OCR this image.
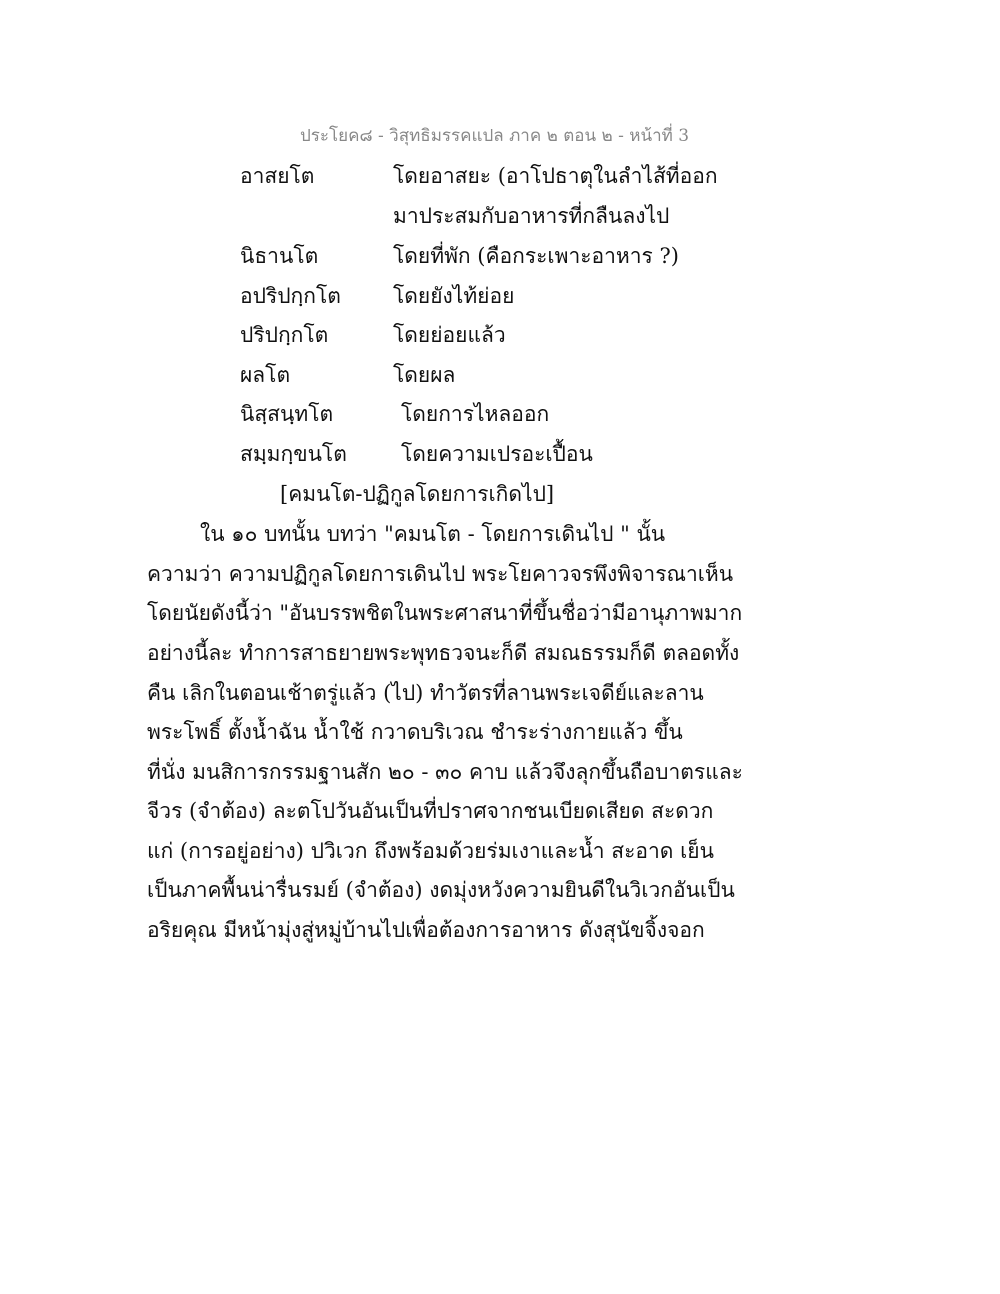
ประโยค๘ - วิสุทธิมรรคแปล ภาค ๒ ตอน ๒ - หน้าที่ 3
อาสยโต	โดยอาสยะ (อาโปธาตุในลำไส้ที่ออก
มาประสมกับอาหารที่กลืนลงไป
นิธานโต	โดยที่พัก (คือกระเพาะอาหาร ?)
อปริปกฺกโต โดยยังไท้ย่อย
ปริปกฺกโต	โดยย่อยแล้ว
ผลโต	โดยผล
นิสฺสนฺทโต	โดยการไหลออก
สมฺมกฺขนโต	โดยความเปรอะเปื้อน
[คมนโต-ปฏิกูลโดยการเกิดไป]
ใน ๑๐ บทนั้น บทว่า "คมนโต - โดยการเดินไป " นั้น
ความว่า ความปฏิกูลโดยการเดินไป พระโยคาวจรพึงพิจารณาเห็น
โดยนัยดังนี้ว่า "อันบรรพชิตในพระศาสนาที่ขึ้นชื่อว่ามีอานุภาพมาก
อย่างนี้ละ ทำการสาธยายพระพุทธวจนะก็ดี สมณธรรมก็ดี ตลอดทั้ง
คืน เลิกในตอนเช้าตรู่แล้ว (ไป) ทำวัตรที่ลานพระเจดีย์และลาน
พระโพธิ์ ตั้งน้ำฉัน น้ำใช้ กวาดบริเวณ ชำระร่างกายแล้ว ขึ้น
ที่นั่ง มนสิการกรรมฐานสัก ๒๐ - ๓๐ คาบ แล้วจึงลุกขึ้นถือบาตรและ
จีวร (จำต้อง) ละตโปวันอันเป็นที่ปราศจากชนเบียดเสียด สะดวก
แก่ (การอยู่อย่าง) ปวิเวก ถึงพร้อมด้วยร่มเงาและน้ำ สะอาด เย็น
เป็นภาคพื้นน่ารื่นรมย์ (จำต้อง) งดมุ่งหวังความยินดีในวิเวกอันเป็น
อริยคุณ มีหน้ามุ่งสู่หมู่บ้านไปเพื่อต้องการอาหาร ดังสุนัขจิ้งจอก
